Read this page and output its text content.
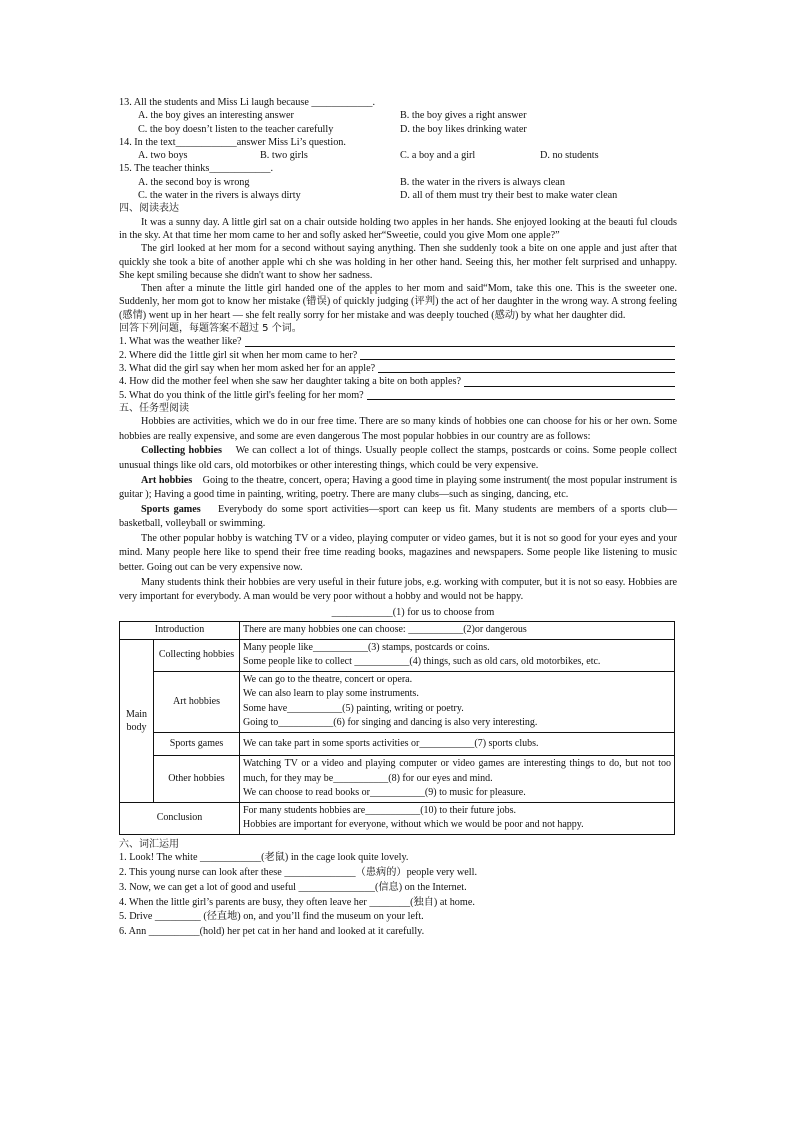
13. All the students and Miss Li laugh because ____________.
A. the boy gives an interesting answer	B. the boy gives a right answer
C. the boy doesn’t listen to the teacher carefully	D. the boy likes drinking water
14. In the text____________answer Miss Li’s question.
A. two boys	B. two girls	C. a boy and a girl	D. no students
15. The teacher thinks____________.
A. the second boy is wrong	B. the water in the rivers is always clean
C. the water in the rivers is always dirty	D. all of them must try their best to make water clean
四、阅读表达
It was a sunny day. A little girl sat on a chair outside holding two apples in her hands. She enjoyed looking at the beauti ful clouds in the sky. At that time her mom came to her and sofly asked her“Sweetie, could you give Mom one apple?”
The girl looked at her mom for a second without saying anything. Then she suddenly took a bite on one apple and just after that quickly she took a bite of another apple whi ch she was holding in her other hand. Seeing this, her mother felt surprised and unhappy. She kept smiling because she didn't want to show her sadness.
Then after a minute the little girl handed one of the apples to her mom and said“Mom, take this one. This is the sweeter one. Suddenly, her mom got to know her mistake (错误) of quickly judging (评判) the act of her daughter in the wrong way. A strong feeling (感情) went up in her heart — she felt really sorry for her mistake and was deeply touched (感动) by what her daughter did.
回答下列问题，每题答案不超过 5 个词。
1. What was the weather like?
2. Where did the 1ittle girl sit when her mom came to her?
3. What did the girl say when her mom asked her for an apple?
4. How did the mother feel when she saw her daughter taking a bite on both apples?
5. What do you think of the little girl's feeling for her mom?
五、任务型阅读
Hobbies are activities, which we do in our free time. There are so many kinds of hobbies one can choose for his or her own. Some hobbies are really expensive, and some are even dangerous The most popular hobbies in our country are as follows:
Collecting hobbies We can collect a lot of things. Usually people collect the stamps, postcards or coins. Some people collect unusual things like old cars, old motorbikes or other interesting things, which could be very expensive.
Art hobbies Going to the theatre, concert, opera; Having a good time in playing some instrument( the most popular instrument is guitar ); Having a good time in painting, writing, poetry. There are many clubs—such as singing, dancing, etc.
Sports games Everybody do some sport activities—sport can keep us fit. Many students are members of a sports club—basketball, volleyball or swimming.
The other popular hobby is watching TV or a video, playing computer or video games, but it is not so good for your eyes and your mind. Many people here like to spend their free time reading books, magazines and newspapers. Some people like listening to music better. Going out can be very expensive now.
Many students think their hobbies are very useful in their future jobs, e.g. working with computer, but it is not so easy. Hobbies are very important for everybody. A man would be very poor without a hobby and would not be happy.
____________(1) for us to choose from
Introduction		There are many hobbies one can choose: ___________(2)or dangerous
Main body	Collecting hobbies	Many people like___________(3) stamps, postcards or coins.
Some people like to collect ___________(4) things, such as old cars, old motorbikes, etc.

	Art hobbies	We can go to the theatre, concert or opera.
We can also learn to play some instruments.
Some have___________(5) painting, writing or poetry.
Going to___________(6) for singing and dancing is also very interesting.

	Sports games	We can take part in some sports activities or___________(7) sports clubs.
	Other hobbies	Watching TV or a video and playing computer or video games are interesting things to do, but not too much, for they may be___________(8) for our eyes and mind.
We can choose to read books or___________(9) to music for pleasure.

Conclusion		For many students hobbies are___________(10) to their future jobs.
Hobbies are important for everyone, without which we would be poor and not happy.
六、词汇运用
1. Look! The white ____________(老鼠) in the cage look quite lovely.
2. This young nurse can look after these ______________（患病的）people very well.
3. Now, we can get a lot of good and useful _______________(信息) on the Internet.
4. When the little girl’s parents are busy, they often leave her ________(独自) at home.
5. Drive _________ (径直地) on, and you’ll find the museum on your left.
6. Ann __________(hold) her pet cat in her hand and looked at it carefully.
